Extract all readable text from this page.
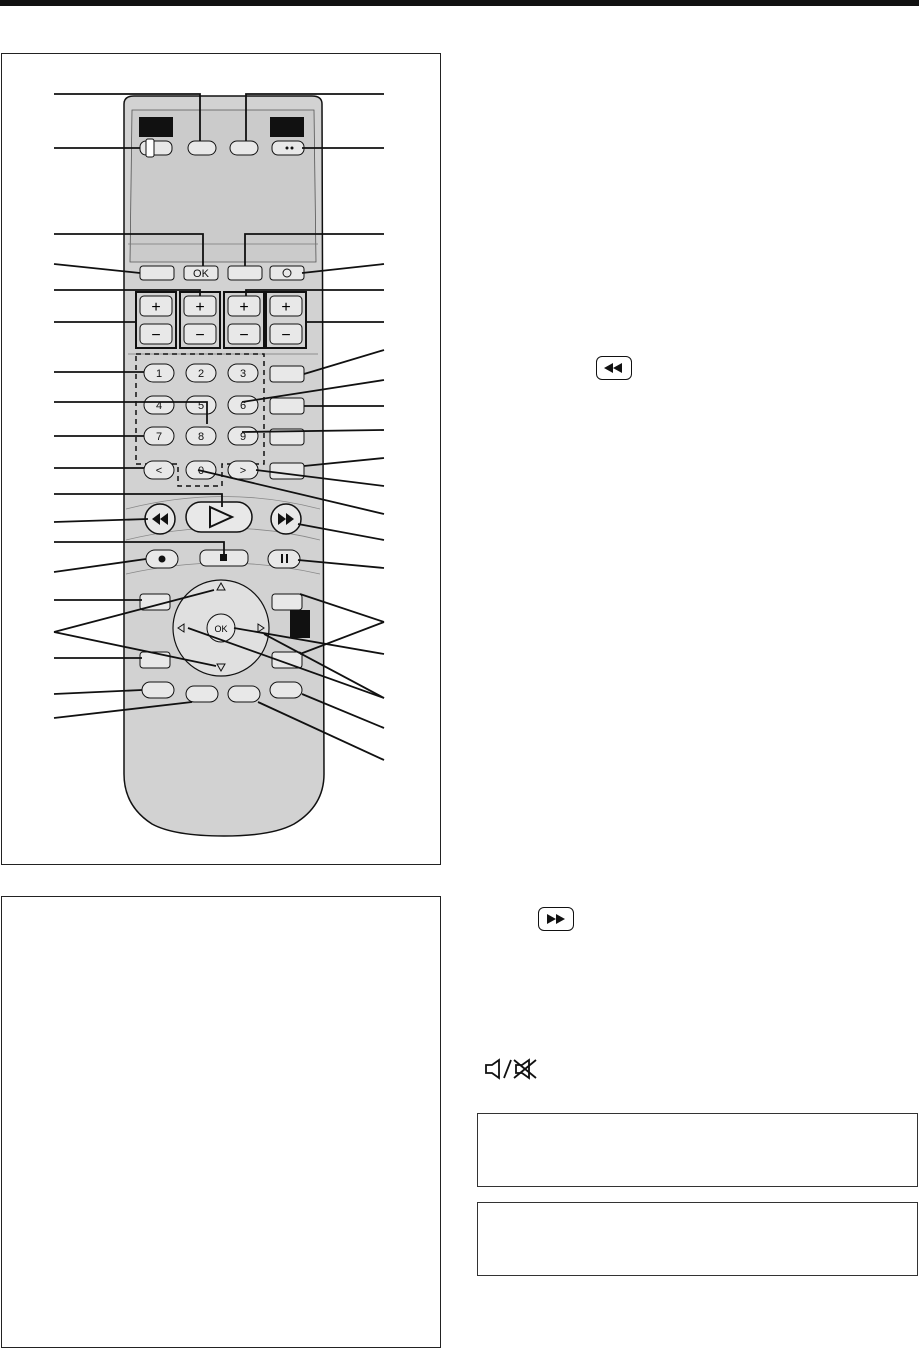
OK
+
−
+
−
+
−
+
−
1	2	3
4	5	6
7	8	9
<	0	>
OK
